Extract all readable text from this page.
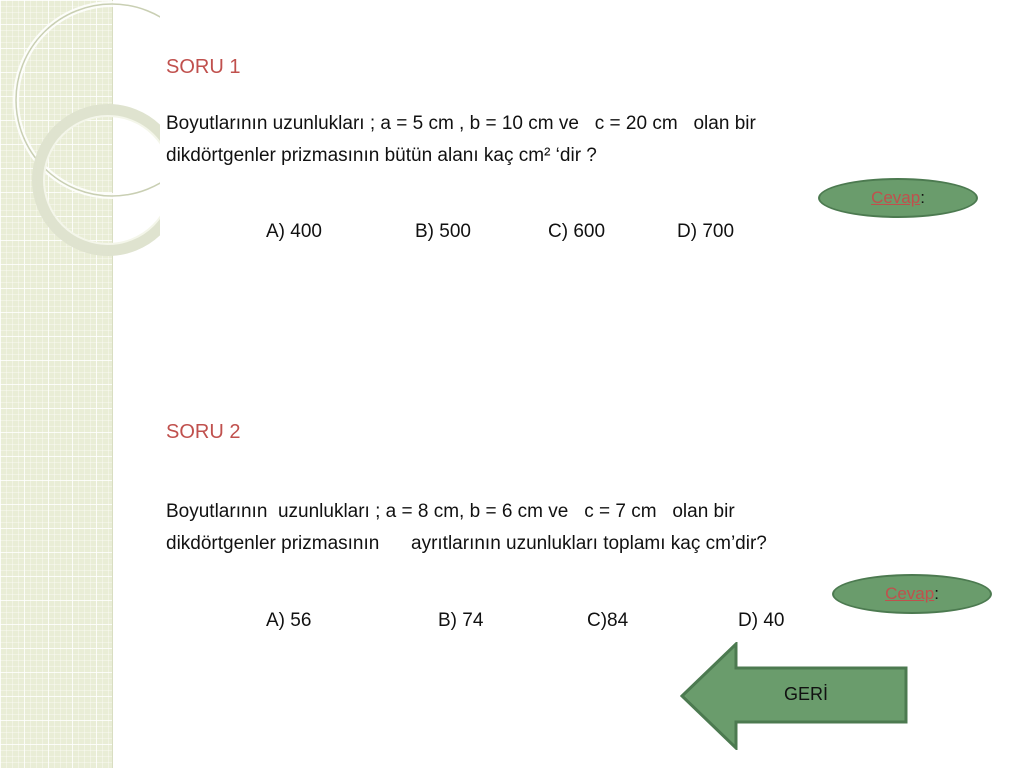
SORU 1

Boyutlarının uzunlukları ; a = 5 cm , b = 10 cm ve   c = 20 cm   olan bir

dikdörtgenler prizmasının bütün alanı kaç cm² ‘dir ?

Cevap :
A) 400	B) 500	C) 600	D) 700
SORU 2

Boyutlarının  uzunlukları ; a = 8 cm, b = 6 cm ve   c = 7 cm   olan bir

dikdörtgenler prizmasının      ayrıtlarının uzunlukları toplamı kaç cm’dir?

Cevap :
A) 56	B) 74	C)84	D) 40
GERİ
